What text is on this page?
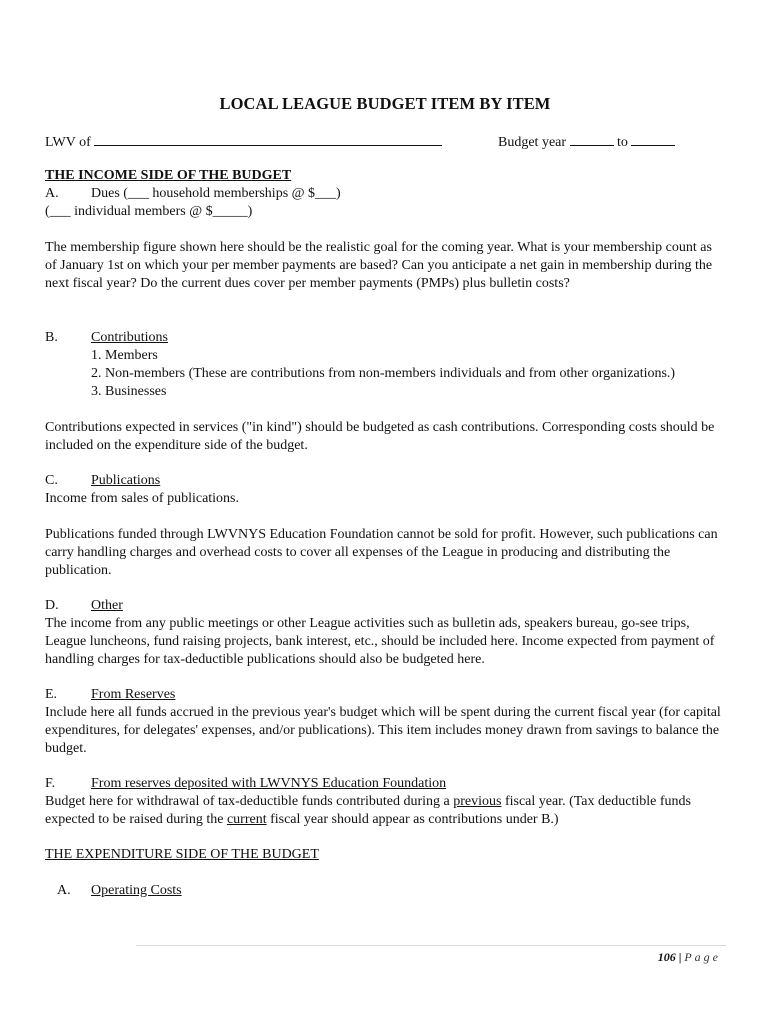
LOCAL LEAGUE BUDGET ITEM BY ITEM

LWV of	Budget year	to

THE INCOME SIDE OF THE BUDGET

A. Dues (___ household memberships @ $___)

(___ individual members @ $_____)

The membership figure shown here should be the realistic goal for the coming year. What is your membership count as of January 1st on which your per member payments are based? Can you anticipate a net gain in membership during the next fiscal year? Do the current dues cover per member payments (PMPs) plus bulletin costs?

B. Contributions

1. Members

2. Non-members (These are contributions from non-members individuals and from other organizations.)

3. Businesses

Contributions expected in services ("in kind") should be budgeted as cash contributions. Corresponding costs should be included on the expenditure side of the budget.

C. Publications

Income from sales of publications.

Publications funded through LWVNYS Education Foundation cannot be sold for profit. However, such publications can carry handling charges and overhead costs to cover all expenses of the League in producing and distributing the publication.

D. Other

The income from any public meetings or other League activities such as bulletin ads, speakers bureau, go-see trips, League luncheons, fund raising projects, bank interest, etc., should be included here. Income expected from payment of handling charges for tax-deductible publications should also be budgeted here.

E. From Reserves

Include here all funds accrued in the previous year's budget which will be spent during the current fiscal year (for capital expenditures, for delegates' expenses, and/or publications). This item includes money drawn from savings to balance the budget.

F.	From reserves deposited with LWVNYS Education Foundation

Budget here for withdrawal of tax-deductible funds contributed during a previous fiscal year. (Tax deductible funds expected to be raised during the current fiscal year should appear as contributions under B.)

THE EXPENDITURE SIDE OF THE BUDGET

A. Operating Costs

106 | Page
